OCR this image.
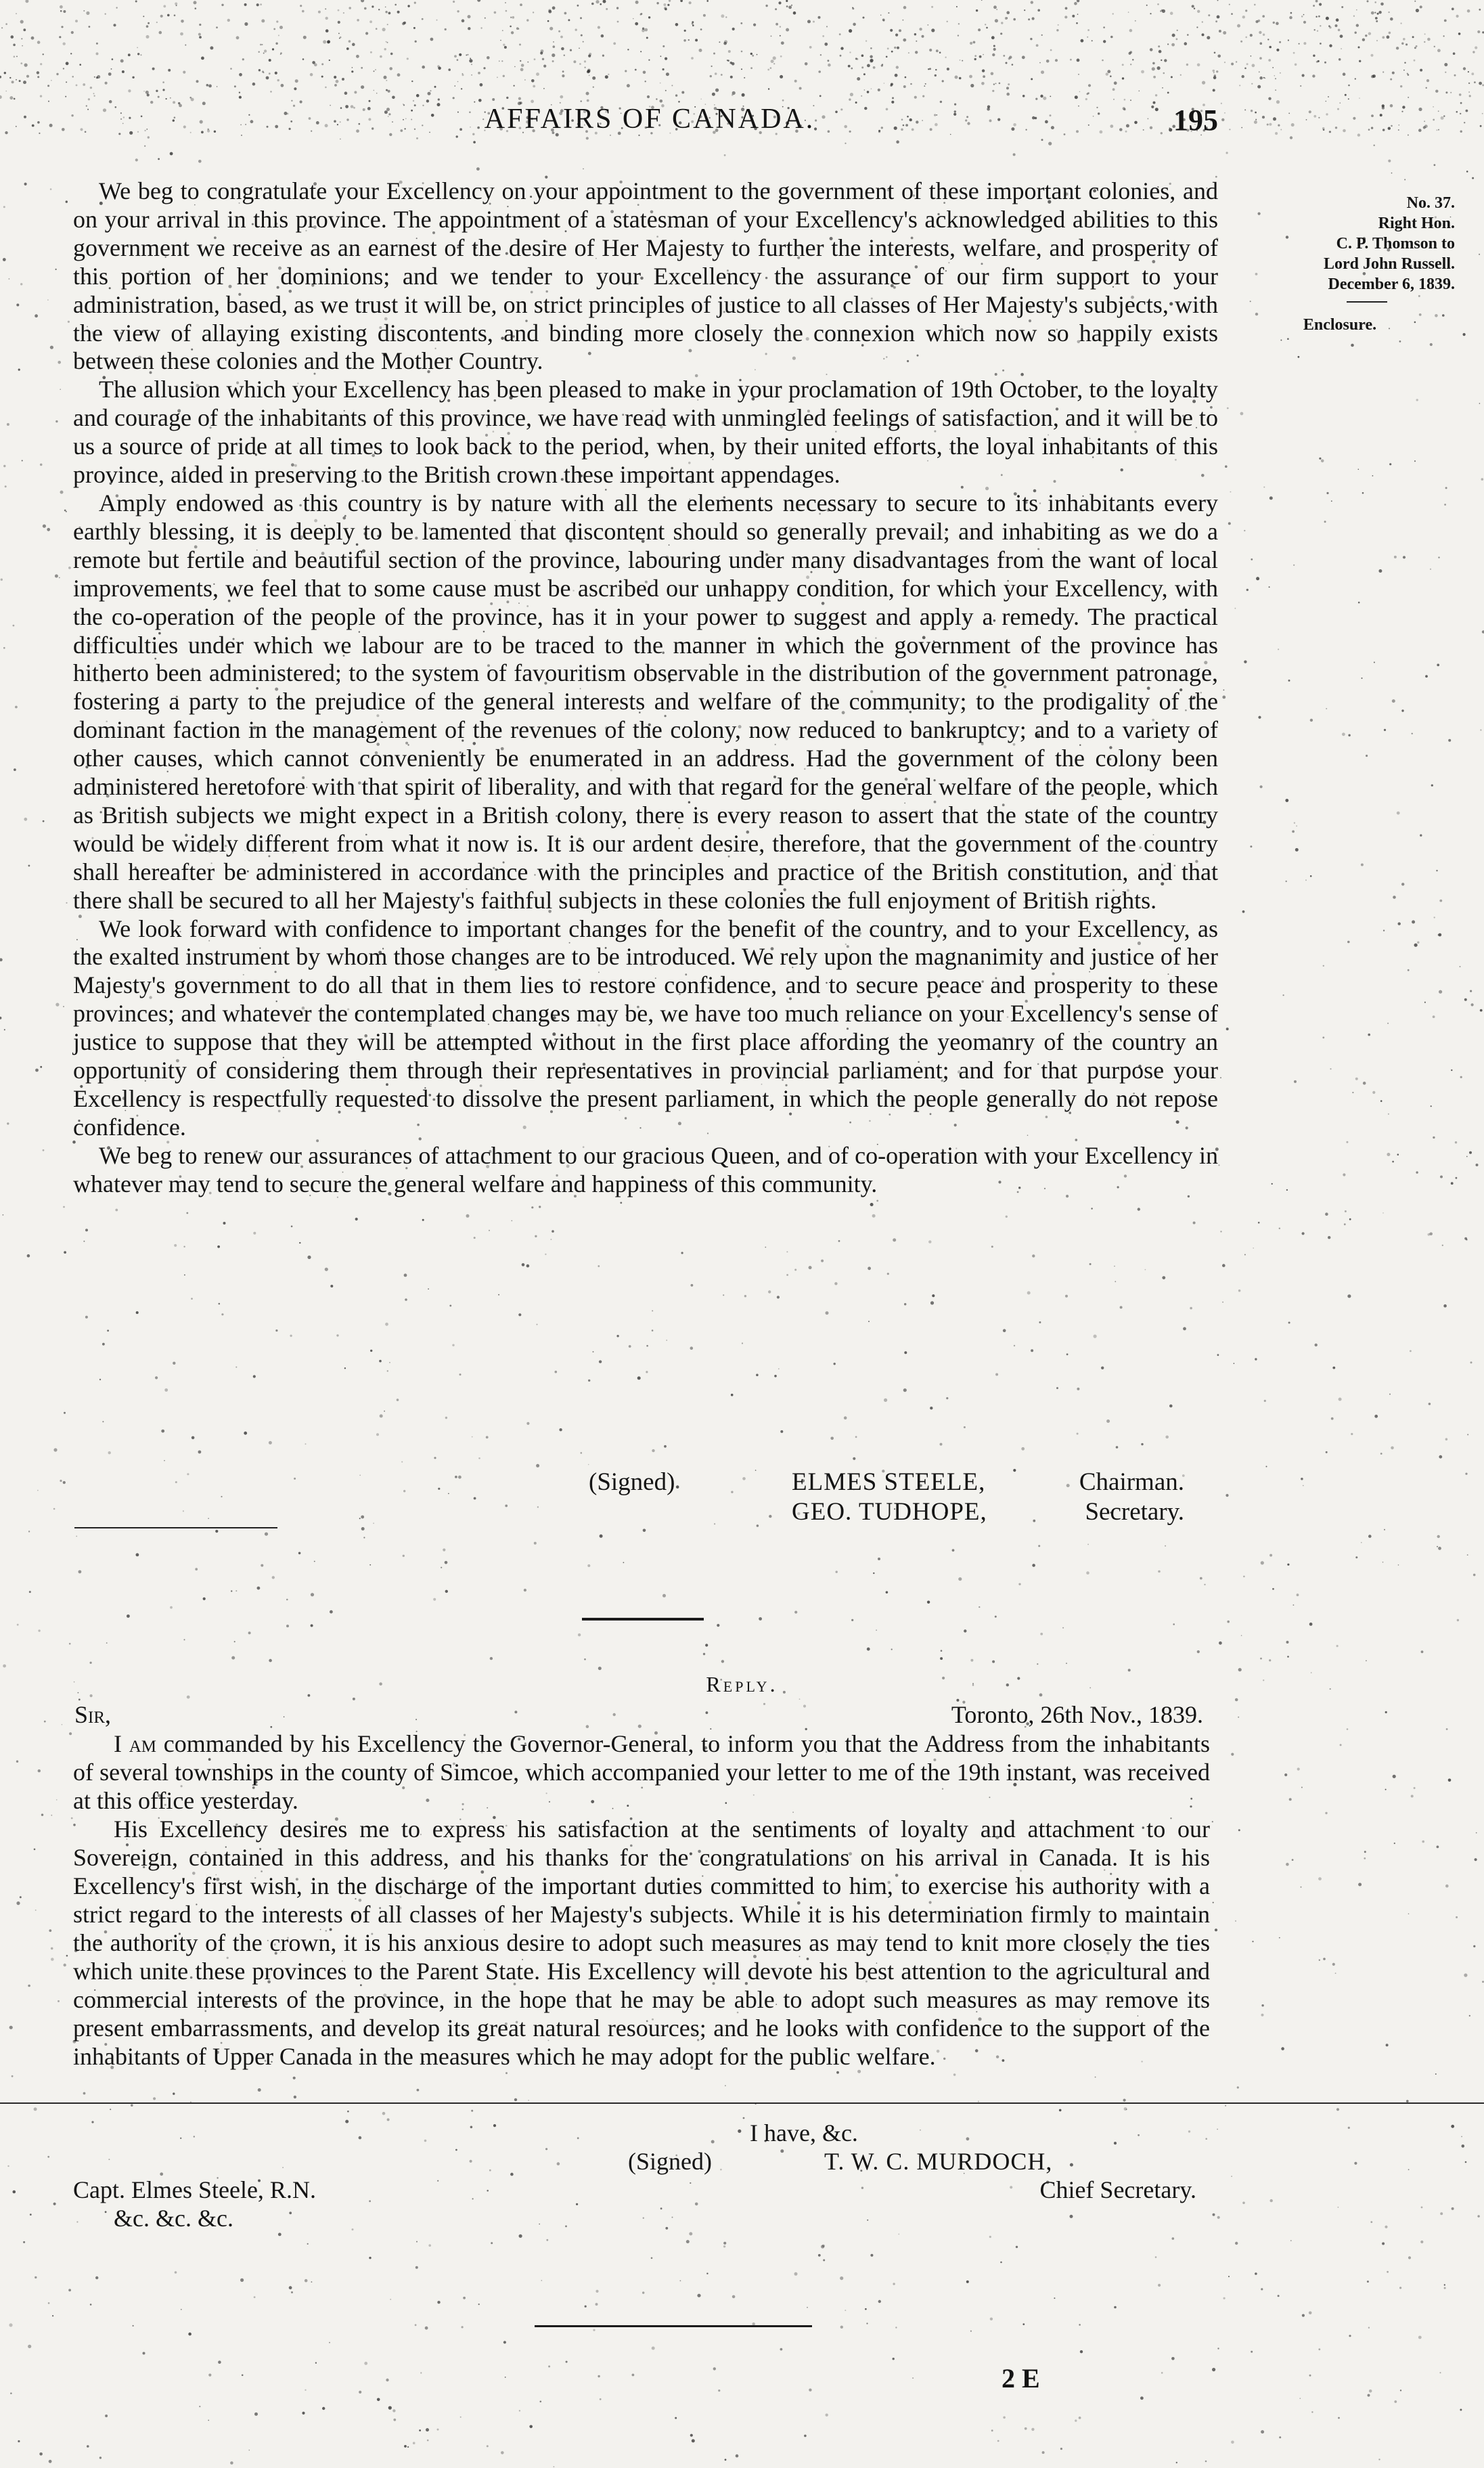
AFFAIRS OF CANADA.	195
No. 37.
Right Hon.
C. P. Thomson to
Lord John Russell.
December 6, 1839.
Enclosure.

We beg to congratulate your Excellency on your appointment to the government of these important colonies, and on your arrival in this province. The appointment of a statesman of your Excellency's acknowledged abilities to this government we receive as an earnest of the desire of Her Majesty to further the interests, welfare, and prosperity of this portion of her dominions; and we tender to your Excellency the assurance of our firm support to your administration, based, as we trust it will be, on strict principles of justice to all classes of Her Majesty's subjects, with the view of allaying existing discontents, and binding more closely the connexion which now so happily exists between these colonies and the Mother Country.

The allusion which your Excellency has been pleased to make in your proclamation of 19th October, to the loyalty and courage of the inhabitants of this province, we have read with unmingled feelings of satisfaction, and it will be to us a source of pride at all times to look back to the period, when, by their united efforts, the loyal inhabitants of this province, aided in preserving to the British crown these important appendages.

Amply endowed as this country is by nature with all the elements necessary to secure to its inhabitants every earthly blessing, it is deeply to be lamented that discontent should so generally prevail; and inhabiting as we do a remote but fertile and beautiful section of the province, labouring under many disadvantages from the want of local improvements, we feel that to some cause must be ascribed our unhappy condition, for which your Excellency, with the co-operation of the people of the province, has it in your power to suggest and apply a remedy. The practical difficulties under which we labour are to be traced to the manner in which the government of the province has hitherto been administered; to the system of favouritism observable in the distribution of the government patronage, fostering a party to the prejudice of the general interests and welfare of the community; to the prodigality of the dominant faction in the management of the revenues of the colony, now reduced to bankruptcy; and to a variety of other causes, which cannot conveniently be enumerated in an address. Had the government of the colony been administered heretofore with that spirit of liberality, and with that regard for the general welfare of the people, which as British subjects we might expect in a British colony, there is every reason to assert that the state of the country would be widely different from what it now is. It is our ardent desire, therefore, that the government of the country shall hereafter be administered in accordance with the principles and practice of the British constitution, and that there shall be secured to all her Majesty's faithful subjects in these colonies the full enjoyment of British rights.

We look forward with confidence to important changes for the benefit of the country, and to your Excellency, as the exalted instrument by whom those changes are to be introduced. We rely upon the magnanimity and justice of her Majesty's government to do all that in them lies to restore confidence, and to secure peace and prosperity to these provinces; and whatever the contemplated changes may be, we have too much reliance on your Excellency's sense of justice to suppose that they will be attempted without in the first place affording the yeomanry of the country an opportunity of considering them through their representatives in provincial parliament; and for that purpose your Excellency is respectfully requested to dissolve the present parliament, in which the people generally do not repose confidence.

We beg to renew our assurances of attachment to our gracious Queen, and of co-operation with your Excellency in whatever may tend to secure the general welfare and happiness of this community.

(Signed)	ELMES STEELE,	Chairman.
GEO. TUDHOPE,	Secretary.
Reply.
Sir,	Toronto, 26th Nov., 1839.

I am commanded by his Excellency the Governor-General, to inform you that the Address from the inhabitants of several townships in the county of Simcoe, which accompanied your letter to me of the 19th instant, was received at this office yesterday.

His Excellency desires me to express his satisfaction at the sentiments of loyalty and attachment to our Sovereign, contained in this address, and his thanks for the congratulations on his arrival in Canada. It is his Excellency's first wish, in the discharge of the important duties committed to him, to exercise his authority with a strict regard to the interests of all classes of her Majesty's subjects. While it is his determination firmly to maintain the authority of the crown, it is his anxious desire to adopt such measures as may tend to knit more closely the ties which unite these provinces to the Parent State. His Excellency will devote his best attention to the agricultural and commercial interests of the province, in the hope that he may be able to adopt such measures as may remove its present embarrassments, and develop its great natural resources; and he looks with confidence to the support of the inhabitants of Upper Canada in the measures which he may adopt for the public welfare.

I have, &c.
(Signed)	T. W. C. MURDOCH,
Capt. Elmes Steele, R.N.	Chief Secretary.
&c. &c. &c.
2 E
